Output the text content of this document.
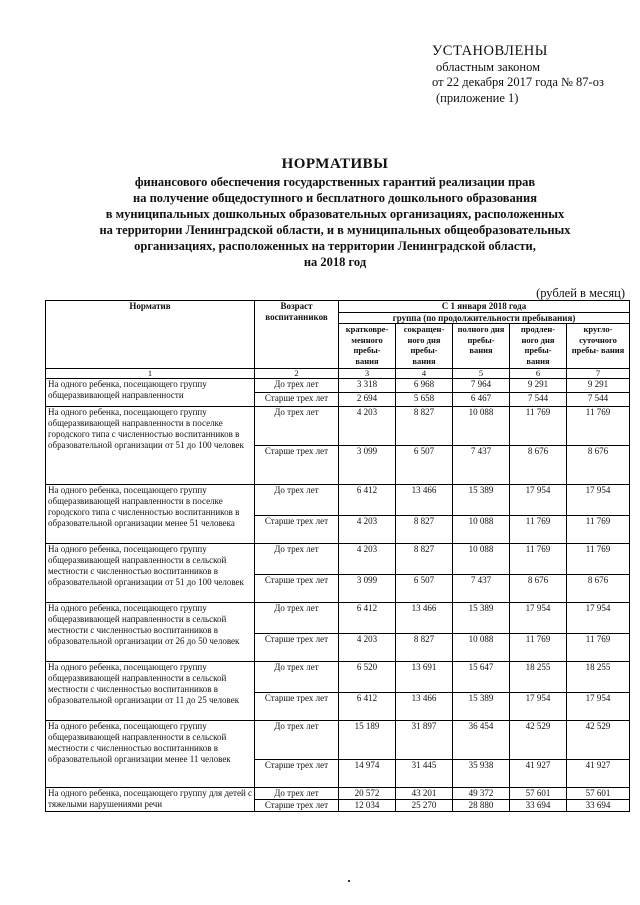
УСТАНОВЛЕНЫ
областным законом
от 22 декабря 2017 года № 87-оз
(приложение 1)
НОРМАТИВЫ
финансового обеспечения государственных гарантий реализации прав
на получение общедоступного и бесплатного дошкольного образования
в муниципальных дошкольных образовательных организациях, расположенных
на территории Ленинградской области, и в муниципальных общеобразовательных
организациях, расположенных на территории Ленинградской области,
на 2018 год
(рублей в месяц)
Норматив	Возраст воспитанников	С 1 января 2018 года				
		группа (по продолжительности пребывания)				
		кратковре- менного пребы- вания	сокращен- ного дня пребы- вания	полного дня пребы- вания	продлен- ного дня пребы- вания	кругло- суточного пребы- вания
1	2	3	4	5	6	7
На одного ребенка, посещающего группу общеразвивающей направленности	До трех лет	3 318	6 968	7 964	9 291	9 291
	Старше трех лет	2 694	5 658	6 467	7 544	7 544
На одного ребенка, посещающего группу общеразвивающей направленности в поселке городского типа с численностью воспитанников в образовательной организации от 51 до 100 человек	До трех лет	4 203	8 827	10 088	11 769	11 769
	Старше трех лет	3 099	6 507	7 437	8 676	8 676
На одного ребенка, посещающего группу общеразвивающей направленности в поселке городского типа с численностью воспитанников в образовательной организации менее 51 человека	До трех лет	6 412	13 466	15 389	17 954	17 954
	Старше трех лет	4 203	8 827	10 088	11 769	11 769
На одного ребенка, посещающего группу общеразвивающей направленности в сельской местности с численностью воспитанников в образовательной организации от 51 до 100 человек	До трех лет	4 203	8 827	10 088	11 769	11 769
	Старше трех лет	3 099	6 507	7 437	8 676	8 676
На одного ребенка, посещающего группу общеразвивающей направленности в сельской местности с численностью воспитанников в образовательной организации от 26 до 50 человек	До трех лет	6 412	13 466	15 389	17 954	17 954
	Старше трех лет	4 203	8 827	10 088	11 769	11 769
На одного ребенка, посещающего группу общеразвивающей направленности в сельской местности с численностью воспитанников в образовательной организации от 11 до 25 человек	До трех лет	6 520	13 691	15 647	18 255	18 255
	Старше трех лет	6 412	13 466	15 389	17 954	17 954
На одного ребенка, посещающего группу общеразвивающей направленности в сельской местности с численностью воспитанников в образовательной организации менее 11 человек	До трех лет	15 189	31 897	36 454	42 529	42 529
	Старше трех лет	14 974	31 445	35 938	41 927	41 927
На одного ребенка, посещающего группу для детей с тяжелыми нарушениями речи	До трех лет	20 572	43 201	49 372	57 601	57 601
	Старше трех лет	12 034	25 270	28 880	33 694	33 694
